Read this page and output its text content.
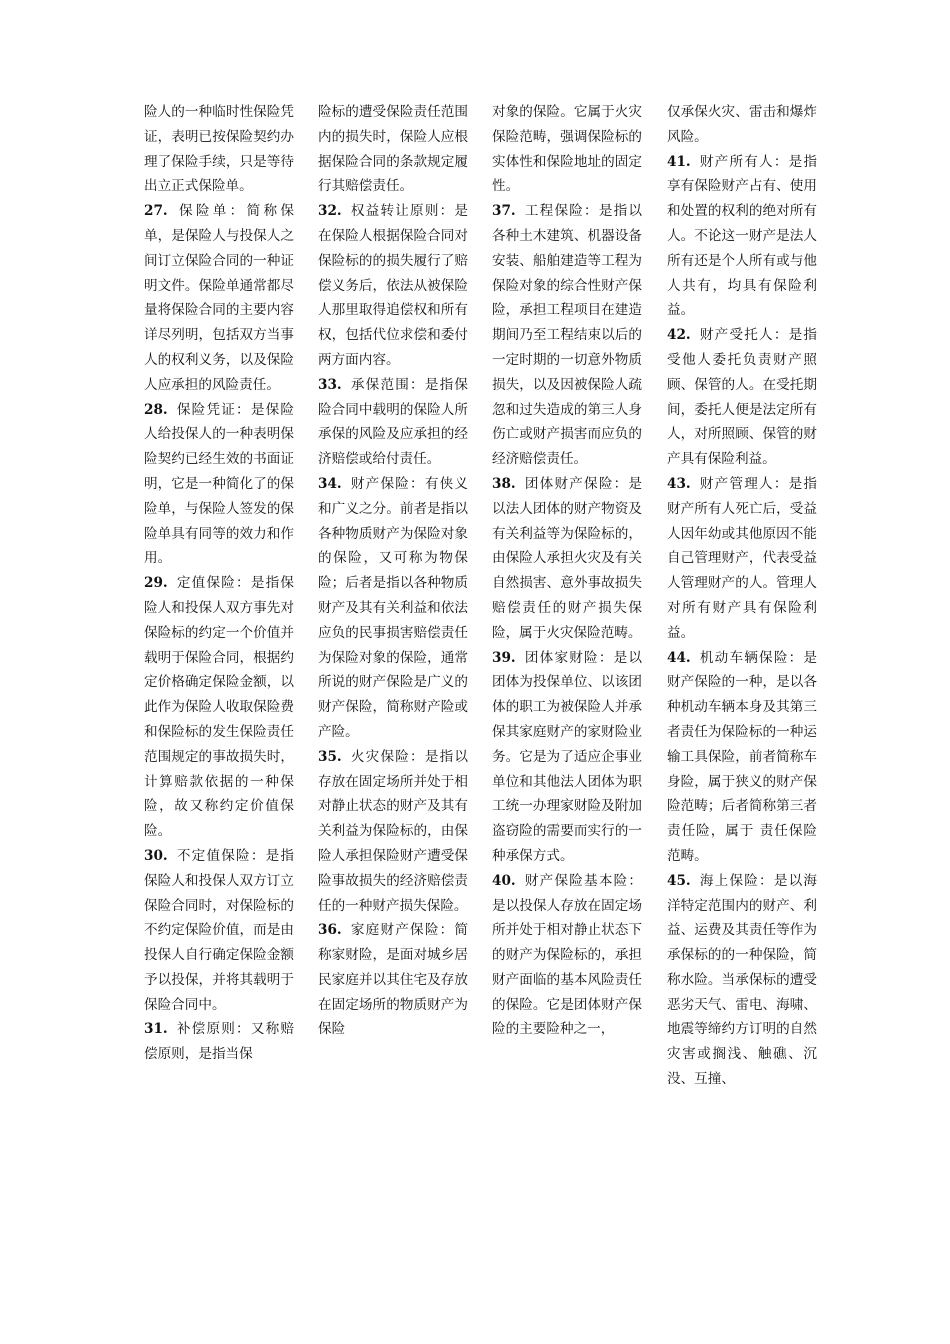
险人的一种临时性保险凭证，表明已按保险契约办理了保险手续，只是等待出立正式保险单。

27. 保险单：简称保单，是保险人与投保人之间订立保险合同的一种证明文件。保险单通常都尽量将保险合同的主要内容详尽列明，包括双方当事人的权利义务，以及保险人应承担的风险责任。

28. 保险凭证：是保险人给投保人的一种表明保险契约已经生效的书面证明，它是一种简化了的保险单，与保险人签发的保险单具有同等的效力和作用。

29. 定值保险：是指保险人和投保人双方事先对保险标的约定一个价值并载明于保险合同，根据约定价格确定保险金额，以此作为保险人收取保险费和保险标的发生保险责任范围规定的事故损失时，计算赔款依据的一种保险，故又称约定价值保险。

30. 不定值保险：是指保险人和投保人双方订立保险合同时，对保险标的不约定保险价值，而是由投保人自行确定保险金额予以投保，并将其载明于保险合同中。

31. 补偿原则：又称赔偿原则，是指当保

险标的遭受保险责任范围内的损失时，保险人应根据保险合同的条款规定履行其赔偿责任。

32. 权益转让原则：是在保险人根据保险合同对保险标的的损失履行了赔偿义务后，依法从被保险人那里取得追偿权和所有权，包括代位求偿和委付两方面内容。

33. 承保范围：是指保险合同中载明的保险人所承保的风险及应承担的经济赔偿或给付责任。

34. 财产保险：有侠义和广义之分。前者是指以各种物质财产为保险对象的保险，又可称为物保险；后者是指以各种物质财产及其有关利益和依法应负的民事损害赔偿责任为保险对象的保险，通常所说的财产保险是广义的财产保险，简称财产险或产险。

35. 火灾保险：是指以存放在固定场所并处于相对静止状态的财产及其有关利益为保险标的，由保险人承担保险财产遭受保险事故损失的经济赔偿责任的一种财产损失保险。

36. 家庭财产保险：简称家财险，是面对城乡居民家庭并以其住宅及存放在固定场所的物质财产为保险

对象的保险。它属于火灾保险范畴，强调保险标的实体性和保险地址的固定性。

37. 工程保险：是指以各种土木建筑、机器设备安装、船舶建造等工程为保险对象的综合性财产保险，承担工程项目在建造期间乃至工程结束以后的一定时期的一切意外物质损失，以及因被保险人疏忽和过失造成的第三人身伤亡或财产损害而应负的经济赔偿责任。

38. 团体财产保险：是以法人团体的财产物资及有关利益等为保险标的，由保险人承担火灾及有关自然损害、意外事故损失赔偿责任的财产损失保险，属于火灾保险范畴。

39. 团体家财险：是以团体为投保单位、以该团体的职工为被保险人并承保其家庭财产的家财险业务。它是为了适应企事业单位和其他法人团体为职工统一办理家财险及附加盗窃险的需要而实行的一种承保方式。

40. 财产保险基本险：是以投保人存放在固定场所并处于相对静止状态下的财产为保险标的，承担财产面临的基本风险责任的保险。它是团体财产保险的主要险种之一，

仅承保火灾、雷击和爆炸风险。

41. 财产所有人：是指享有保险财产占有、使用和处置的权利的绝对所有人。不论这一财产是法人所有还是个人所有或与他人共有，均具有保险利益。

42. 财产受托人：是指受他人委托负责财产照顾、保管的人。在受托期间，委托人便是法定所有人，对所照顾、保管的财产具有保险利益。

43. 财产管理人：是指财产所有人死亡后，受益人因年幼或其他原因不能自己管理财产，代表受益人管理财产的人。管理人对所有财产具有保险利益。

44. 机动车辆保险：是财产保险的一种，是以各种机动车辆本身及其第三者责任为保险标的一种运输工具保险，前者简称车身险，属于狭义的财产保险范畴；后者简称第三者责任险，属于 责任保险范畴。

45. 海上保险：是以海洋特定范围内的财产、利益、运费及其责任等作为承保标的的一种保险，简称水险。当承保标的遭受恶劣天气、雷电、海啸、地震等缔约方订明的自然灾害或搁浅、触礁、沉没、互撞、
